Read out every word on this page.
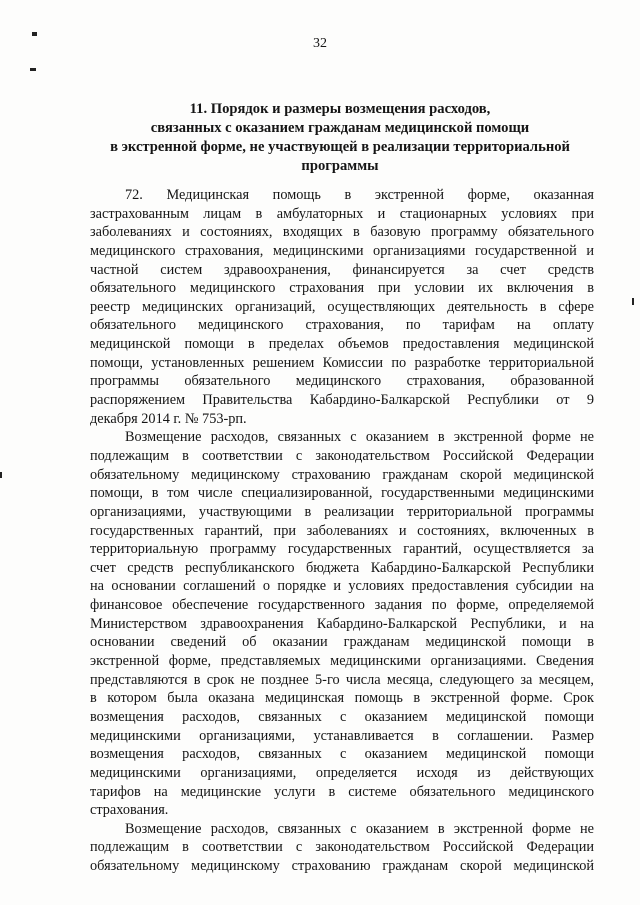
32
11. Порядок и размеры возмещения расходов,
связанных с оказанием гражданам медицинской помощи
в экстренной форме, не участвующей в реализации территориальной
программы
72. Медицинская помощь в экстренной форме, оказанная
застрахованным лицам в амбулаторных и стационарных условиях при
заболеваниях и состояниях, входящих в базовую программу обязательного
медицинского страхования, медицинскими организациями государственной и
частной систем здравоохранения, финансируется за счет средств
обязательного медицинского страхования при условии их включения в
реестр медицинских организаций, осуществляющих деятельность в сфере
обязательного медицинского страхования, по тарифам на оплату
медицинской помощи в пределах объемов предоставления медицинской
помощи, установленных решением Комиссии по разработке территориальной
программы обязательного медицинского страхования, образованной
распоряжением Правительства Кабардино-Балкарской Республики от 9
декабря 2014 г. № 753-рп.
Возмещение расходов, связанных с оказанием в экстренной форме не
подлежащим в соответствии с законодательством Российской Федерации
обязательному медицинскому страхованию гражданам скорой медицинской
помощи, в том числе специализированной, государственными медицинскими
организациями, участвующими в реализации территориальной программы
государственных гарантий, при заболеваниях и состояниях, включенных в
территориальную программу государственных гарантий, осуществляется за
счет средств республиканского бюджета Кабардино-Балкарской Республики
на основании соглашений о порядке и условиях предоставления субсидии на
финансовое обеспечение государственного задания по форме, определяемой
Министерством здравоохранения Кабардино-Балкарской Республики, и на
основании сведений об оказании гражданам медицинской помощи в
экстренной форме, представляемых медицинскими организациями. Сведения
представляются в срок не позднее 5-го числа месяца, следующего за месяцем,
в котором была оказана медицинская помощь в экстренной форме. Срок
возмещения расходов, связанных с оказанием медицинской помощи
медицинскими организациями, устанавливается в соглашении. Размер
возмещения расходов, связанных с оказанием медицинской помощи
медицинскими организациями, определяется исходя из действующих
тарифов на медицинские услуги в системе обязательного медицинского
страхования.
Возмещение расходов, связанных с оказанием в экстренной форме не
подлежащим в соответствии с законодательством Российской Федерации
обязательному медицинскому страхованию гражданам скорой медицинской
